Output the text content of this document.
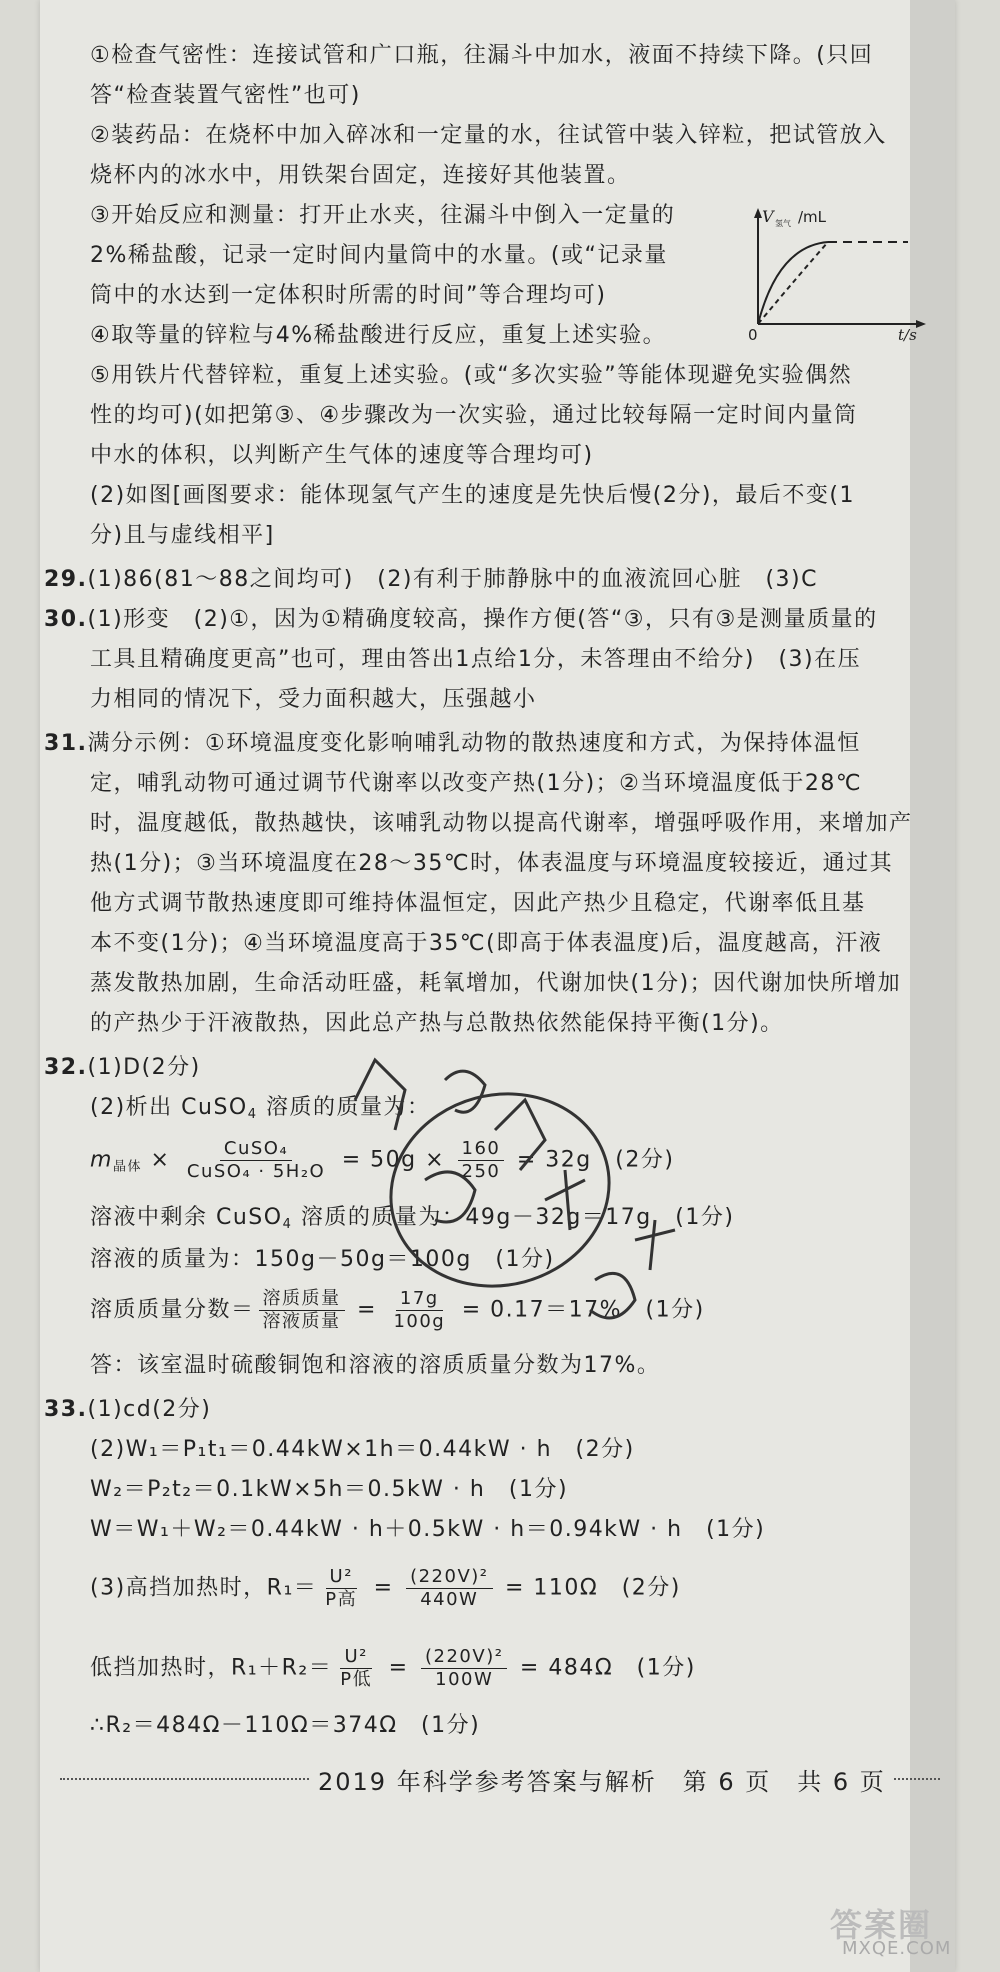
①检查气密性：连接试管和广口瓶，往漏斗中加水，液面不持续下降。(只回
答“检查装置气密性”也可)
②装药品：在烧杯中加入碎冰和一定量的水，往试管中装入锌粒，把试管放入
烧杯内的冰水中，用铁架台固定，连接好其他装置。
③开始反应和测量：打开止水夹，往漏斗中倒入一定量的
2%稀盐酸，记录一定时间内量筒中的水量。(或“记录量
筒中的水达到一定体积时所需的时间”等合理均可)
④取等量的锌粒与4%稀盐酸进行反应，重复上述实验。
⑤用铁片代替锌粒，重复上述实验。(或“多次实验”等能体现避免实验偶然
性的均可)(如把第③、④步骤改为一次实验，通过比较每隔一定时间内量筒
中水的体积，以判断产生气体的速度等合理均可)
(2)如图[画图要求：能体现氢气产生的速度是先快后慢(2分)，最后不变(1
分)且与虚线相平]
V 氢气 /mL
0	t/s
29.(1)86(81～88之间均可)　(2)有利于肺静脉中的血液流回心脏　(3)C
30.(1)形变　(2)①，因为①精确度较高，操作方便(答“③，只有③是测量质量的
工具且精确度更高”也可，理由答出1点给1分，未答理由不给分)　(3)在压
力相同的情况下，受力面积越大，压强越小
31.满分示例：①环境温度变化影响哺乳动物的散热速度和方式，为保持体温恒
定，哺乳动物可通过调节代谢率以改变产热(1分)；②当环境温度低于28℃
时，温度越低，散热越快，该哺乳动物以提高代谢率，增强呼吸作用，来增加产
热(1分)；③当环境温度在28～35℃时，体表温度与环境温度较接近，通过其
他方式调节散热速度即可维持体温恒定，因此产热少且稳定，代谢率低且基
本不变(1分)；④当环境温度高于35℃(即高于体表温度)后，温度越高，汗液
蒸发散热加剧，生命活动旺盛，耗氧增加，代谢加快(1分)；因代谢加快所增加
的产热少于汗液散热，因此总产热与总散热依然能保持平衡(1分)。
32.(1)D(2分)
(2)析出 CuSO$_4$ 溶质的质量为：
$m_{晶体} \times \frac{\text{CuSO₄}}{\text{CuSO₄ · 5H₂O}} = 50g \times \frac{160}{250} = 32g$　(2分)
溶液中剩余 CuSO$_4$ 溶质的质量为：49g－32g＝17g　(1分)
溶液的质量为：150g－50g＝100g　(1分)
溶质质量分数＝ $\frac{\text{溶质质量}}{\text{溶液质量}} = \frac{17g}{100g} = 0.17=17\%$　(1分)
答：该室温时硫酸铜饱和溶液的溶质质量分数为17%。
33.(1)cd(2分)
(2)W₁＝P₁t₁＝0.44kW×1h＝0.44kW · h　(2分)
W₂＝P₂t₂＝0.1kW×5h＝0.5kW · h　(1分)
W＝W₁＋W₂＝0.44kW · h＋0.5kW · h＝0.94kW · h　(1分)
(3)高挡加热时，$R_1= \frac{\text{U²}}{\text{P高}} = \frac{\text{(220V)²}}{440W} = 110\Omega$　(2分)
低挡加热时，$R_1+R_2= \frac{\text{U²}}{\text{P低}} = \frac{\text{(220V)²}}{100W} = 484\Omega$　(1分)
∴R₂＝484Ω－110Ω＝374Ω　(1分)
2019 年科学参考答案与解析　第 6 页　共 6 页
答案圈
MXQE.COM
